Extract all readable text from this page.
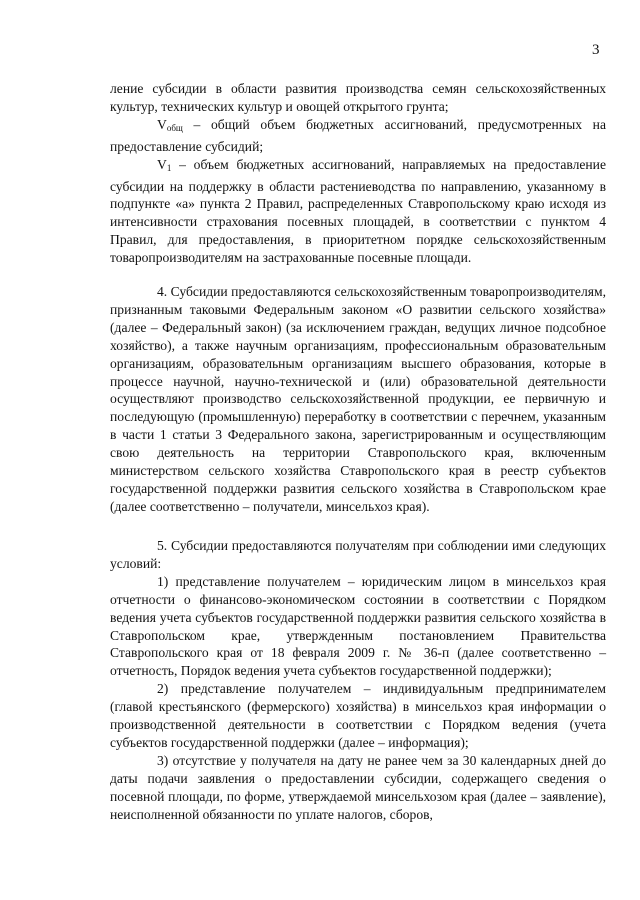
3

ление субсидии в области развития производства семян сельскохозяйственных культур, технических культур и овощей открытого грунта;

$V_{общ}$ – общий объем бюджетных ассигнований, предусмотренных на предоставление субсидий;

$V_1$ – объем бюджетных ассигнований, направляемых на предоставление субсидии на поддержку в области растениеводства по направлению, указанному в подпункте «а» пункта 2 Правил, распределенных Ставропольскому краю исходя из интенсивности страхования посевных площадей, в соответствии с пунктом 4 Правил, для предоставления, в приоритетном порядке сельскохозяйственным товаропроизводителям на застрахованные посевные площади.

4. Субсидии предоставляются сельскохозяйственным товаропроизводителям, признанным таковыми Федеральным законом «О развитии сельского хозяйства» (далее – Федеральный закон) (за исключением граждан, ведущих личное подсобное хозяйство), а также научным организациям, профессиональным образовательным организациям, образовательным организациям высшего образования, которые в процессе научной, научно-технической и (или) образовательной деятельности осуществляют производство сельскохозяйственной продукции, ее первичную и последующую (промышленную) переработку в соответствии с перечнем, указанным в части 1 статьи 3 Федерального закона, зарегистрированным и осуществляющим свою деятельность на территории Ставропольского края, включенным министерством сельского хозяйства Ставропольского края в реестр субъектов государственной поддержки развития сельского хозяйства в Ставропольском крае (далее соответственно – получатели, минсельхоз края).

5. Субсидии предоставляются получателям при соблюдении ими следующих условий:

1) представление получателем – юридическим лицом в минсельхоз края отчетности о финансово-экономическом состоянии в соответствии с Порядком ведения учета субъектов государственной поддержки развития сельского хозяйства в Ставропольском крае, утвержденным постановлением Правительства Ставропольского края от 18 февраля 2009 г. № 36-п (далее соответственно – отчетность, Порядок ведения учета субъектов государственной поддержки);

2) представление получателем – индивидуальным предпринимателем (главой крестьянского (фермерского) хозяйства) в минсельхоз края информации о производственной деятельности в соответствии с Порядком ведения (учета субъектов государственной поддержки (далее – информация);

3) отсутствие у получателя на дату не ранее чем за 30 календарных дней до даты подачи заявления о предоставлении субсидии, содержащего сведения о посевной площади, по форме, утверждаемой минсельхозом края (далее – заявление), неисполненной обязанности по уплате налогов, сборов,
